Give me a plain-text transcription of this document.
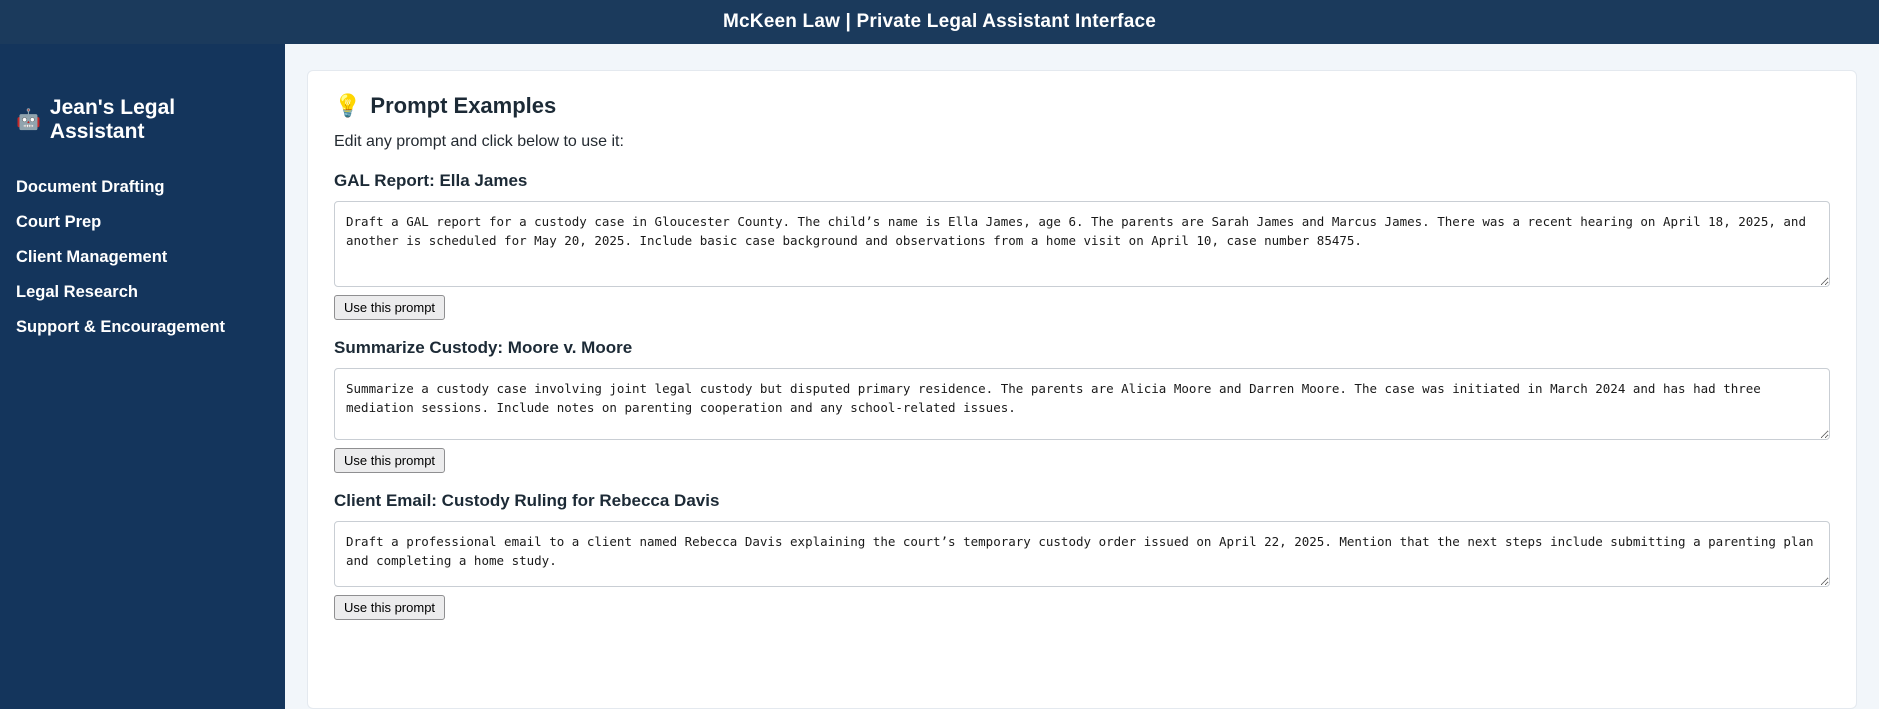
McKeen Law | Private Legal Assistant Interface
🤖
Jean's Legal Assistant
Document Drafting
Court Prep
Client Management
Legal Research
Support & Encouragement
💡 Prompt Examples

Edit any prompt and click below to use it:

GAL Report: Ella James
Draft a GAL report for a custody case in Gloucester County. The child’s name is Ella James, age 6. The parents are Sarah James and Marcus James. There was a recent hearing on April 18, 2025, and another is scheduled for May 20, 2025. Include basic case background and observations from a home visit on April 10, case number 85475. Use this prompt
Summarize Custody: Moore v. Moore
Summarize a custody case involving joint legal custody but disputed primary residence. The parents are Alicia Moore and Darren Moore. The case was initiated in March 2024 and has had three mediation sessions. Include notes on parenting cooperation and any school-related issues. Use this prompt
Client Email: Custody Ruling for Rebecca Davis
Draft a professional email to a client named Rebecca Davis explaining the court’s temporary custody order issued on April 22, 2025. Mention that the next steps include submitting a parenting plan and completing a home study. Use this prompt
